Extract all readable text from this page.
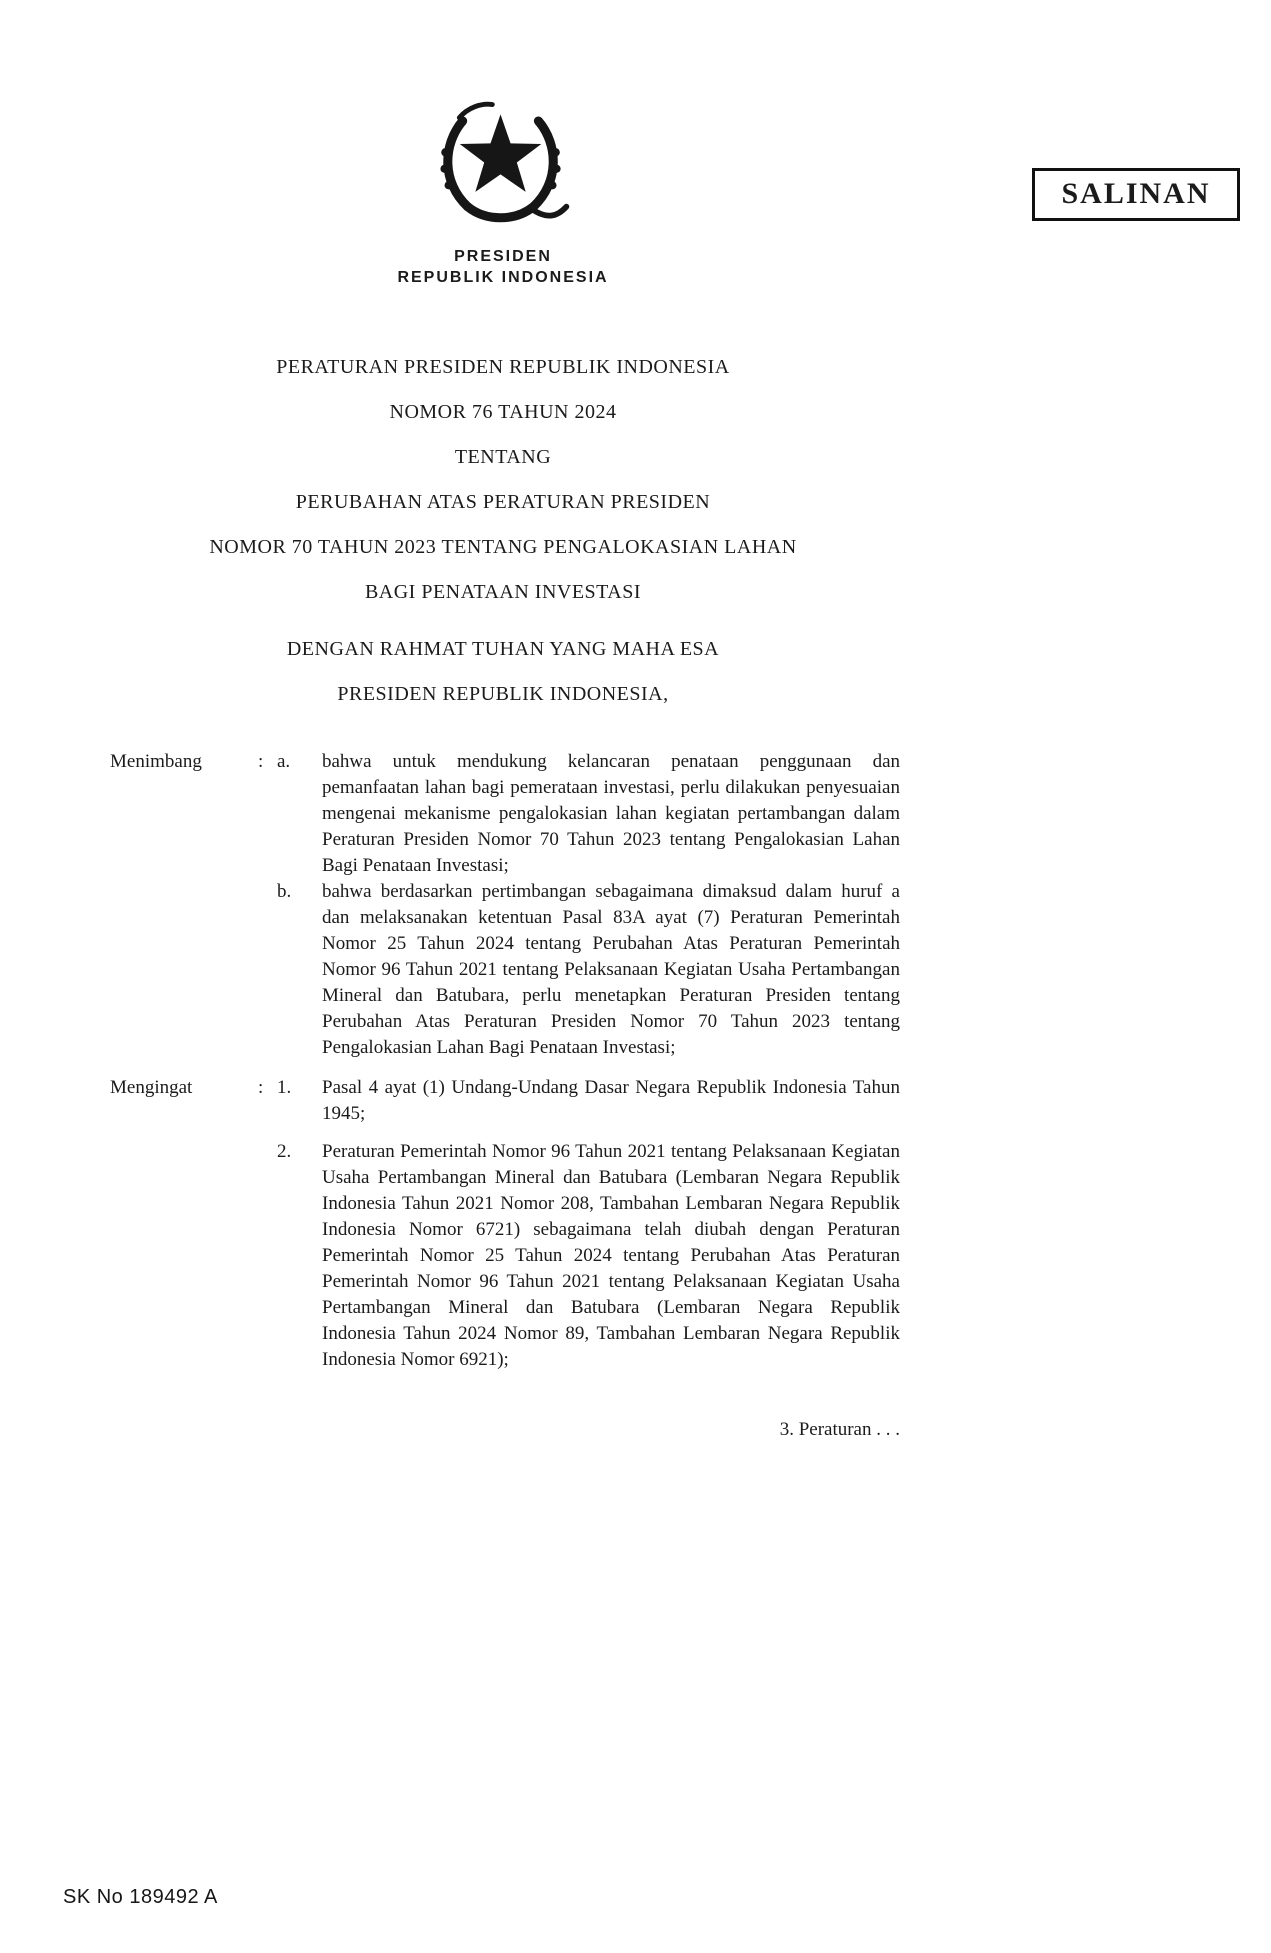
SALINAN
PRESIDEN
REPUBLIK INDONESIA
PERATURAN PRESIDEN REPUBLIK INDONESIA
NOMOR 76 TAHUN 2024
TENTANG
PERUBAHAN ATAS PERATURAN PRESIDEN
NOMOR 70 TAHUN 2023 TENTANG PENGALOKASIAN LAHAN
BAGI PENATAAN INVESTASI
DENGAN RAHMAT TUHAN YANG MAHA ESA
PRESIDEN REPUBLIK INDONESIA,
Menimbang	: a.	bahwa untuk mendukung kelancaran penataan penggunaan dan pemanfaatan lahan bagi pemerataan investasi, perlu dilakukan penyesuaian mengenai mekanisme pengalokasian lahan kegiatan pertambangan dalam Peraturan Presiden Nomor 70 Tahun 2023 tentang Pengalokasian Lahan Bagi Penataan Investasi;
b.	bahwa berdasarkan pertimbangan sebagaimana dimaksud dalam huruf a dan melaksanakan ketentuan Pasal 83A ayat (7) Peraturan Pemerintah Nomor 25 Tahun 2024 tentang Perubahan Atas Peraturan Pemerintah Nomor 96 Tahun 2021 tentang Pelaksanaan Kegiatan Usaha Pertambangan Mineral dan Batubara, perlu menetapkan Peraturan Presiden tentang Perubahan Atas Peraturan Presiden Nomor 70 Tahun 2023 tentang Pengalokasian Lahan Bagi Penataan Investasi;
Mengingat	: 1.	Pasal 4 ayat (1) Undang-Undang Dasar Negara Republik Indonesia Tahun 1945;
2.	Peraturan Pemerintah Nomor 96 Tahun 2021 tentang Pelaksanaan Kegiatan Usaha Pertambangan Mineral dan Batubara (Lembaran Negara Republik Indonesia Tahun 2021 Nomor 208, Tambahan Lembaran Negara Republik Indonesia Nomor 6721) sebagaimana telah diubah dengan Peraturan Pemerintah Nomor 25 Tahun 2024 tentang Perubahan Atas Peraturan Pemerintah Nomor 96 Tahun 2021 tentang Pelaksanaan Kegiatan Usaha Pertambangan Mineral dan Batubara (Lembaran Negara Republik Indonesia Tahun 2024 Nomor 89, Tambahan Lembaran Negara Republik Indonesia Nomor 6921);
3. Peraturan . . .
SK No 189492 A
